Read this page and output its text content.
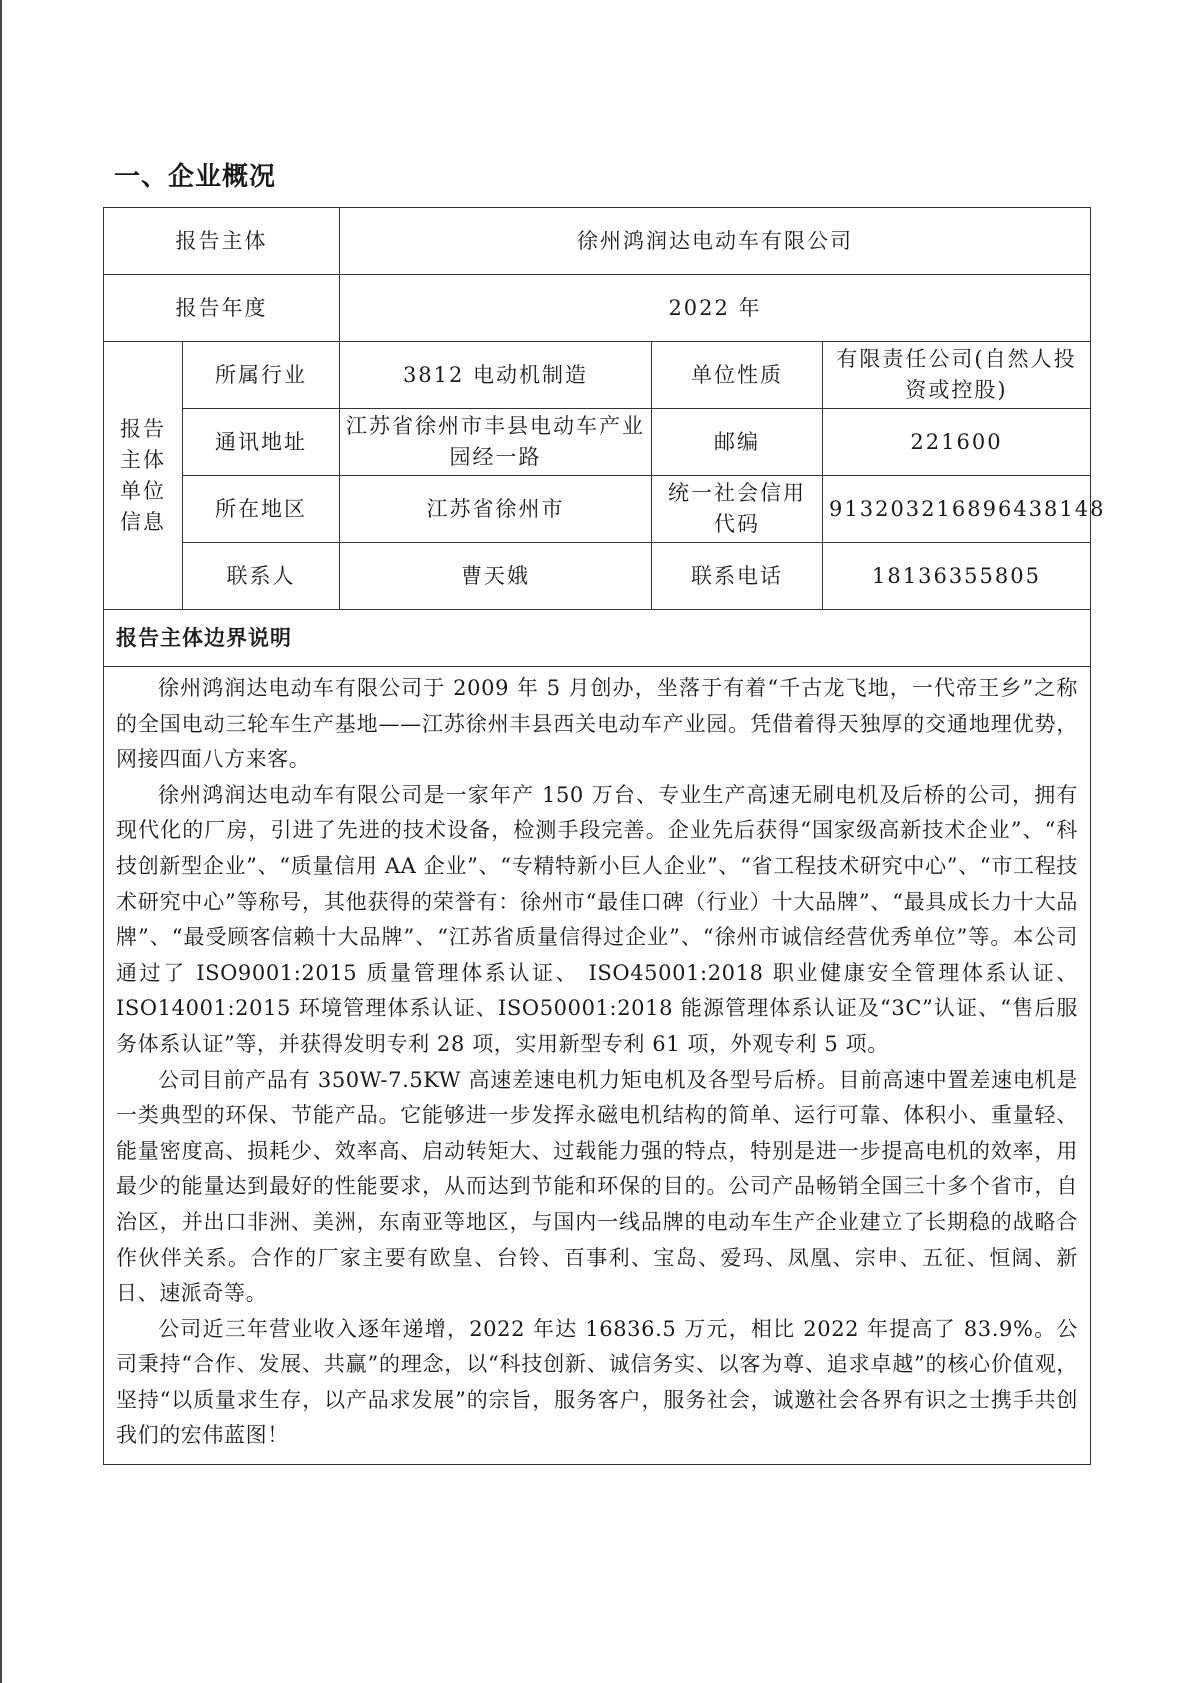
一、企业概况
报告主体		徐州鸿润达电动车有限公司		
报告年度		2022 年		
报告
主体
单位
信息	所属行业	3812 电动机制造	单位性质	有限责任公司(自然人投资或控股)
	通讯地址	江苏省徐州市丰县电动车产业园经一路	邮编	221600
	所在地区	江苏省徐州市	统一社会信用代码	913203216896438148
	联系人	曹天娥	联系电话	18136355805
报告主体边界说明				

徐州鸿润达电动车有限公司于 2009 年 5 月创办，坐落于有着“千古龙飞地，一代帝王乡”之称的全国电动三轮车生产基地——江苏徐州丰县西关电动车产业园。凭借着得天独厚的交通地理优势，网接四面八方来客。

徐州鸿润达电动车有限公司是一家年产 150 万台、专业生产高速无刷电机及后桥的公司，拥有现代化的厂房，引进了先进的技术设备，检测手段完善。企业先后获得“国家级高新技术企业”、“科技创新型企业”、“质量信用 AA 企业”、“专精特新小巨人企业”、“省工程技术研究中心”、“市工程技术研究中心”等称号，其他获得的荣誉有：徐州市“最佳口碑（行业）十大品牌”、“最具成长力十大品牌”、“最受顾客信赖十大品牌”、“江苏省质量信得过企业”、“徐州市诚信经营优秀单位”等。本公司通过了 ISO9001:2015 质量管理体系认证、 ISO45001:2018 职业健康安全管理体系认证、ISO14001:2015 环境管理体系认证、ISO50001:2018 能源管理体系认证及“3C”认证、“售后服务体系认证”等，并获得发明专利 28 项，实用新型专利 61 项，外观专利 5 项。

公司目前产品有 350W-7.5KW 高速差速电机力矩电机及各型号后桥。目前高速中置差速电机是一类典型的环保、节能产品。它能够进一步发挥永磁电机结构的简单、运行可靠、体积小、重量轻、能量密度高、损耗少、效率高、启动转矩大、过载能力强的特点，特别是进一步提高电机的效率，用最少的能量达到最好的性能要求，从而达到节能和环保的目的。公司产品畅销全国三十多个省市，自治区，并出口非洲、美洲，东南亚等地区，与国内一线品牌的电动车生产企业建立了长期稳的战略合作伙伴关系。合作的厂家主要有欧皇、台铃、百事利、宝岛、爱玛、凤凰、宗申、五征、恒阔、新日、速派奇等。

公司近三年营业收入逐年递增，2022 年达 16836.5 万元，相比 2022 年提高了 83.9%。公司秉持“合作、发展、共赢”的理念，以“科技创新、诚信务实、以客为尊、追求卓越”的核心价值观，坚持“以质量求生存，以产品求发展”的宗旨，服务客户，服务社会，诚邀社会各界有识之士携手共创我们的宏伟蓝图！				
